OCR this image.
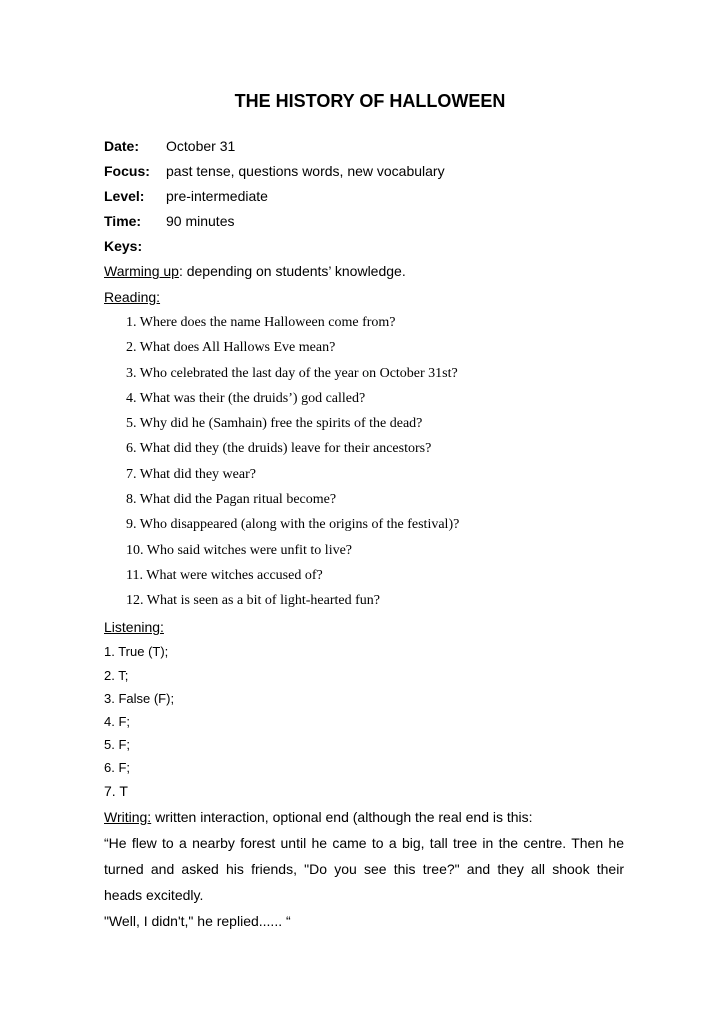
THE HISTORY OF HALLOWEEN
Date: October 31
Focus: past tense, questions words, new vocabulary
Level: pre-intermediate
Time: 90 minutes
Keys:
Warming up: depending on students’ knowledge.
Reading:
1. Where does the name Halloween come from?
2. What does All Hallows Eve mean?
3. Who celebrated the last day of the year on October 31st?
4. What was their (the druids’) god called?
5. Why did he (Samhain) free the spirits of the dead?
6. What did they (the druids) leave for their ancestors?
7. What did they wear?
8. What did the Pagan ritual become?
9. Who disappeared (along with the origins of the festival)?
10. Who said witches were unfit to live?
11. What were witches accused of?
12. What is seen as a bit of light-hearted fun?
Listening:
1. True (T);
2. T;
3. False (F);
4. F;
5. F;
6. F;
7. T
Writing: written interaction, optional end (although the real end is this:
“He flew to a nearby forest until he came to a big, tall tree in the centre. Then he
turned and asked his friends, "Do you see this tree?" and they all shook their
heads excitedly.
"Well, I didn't," he replied...... “
